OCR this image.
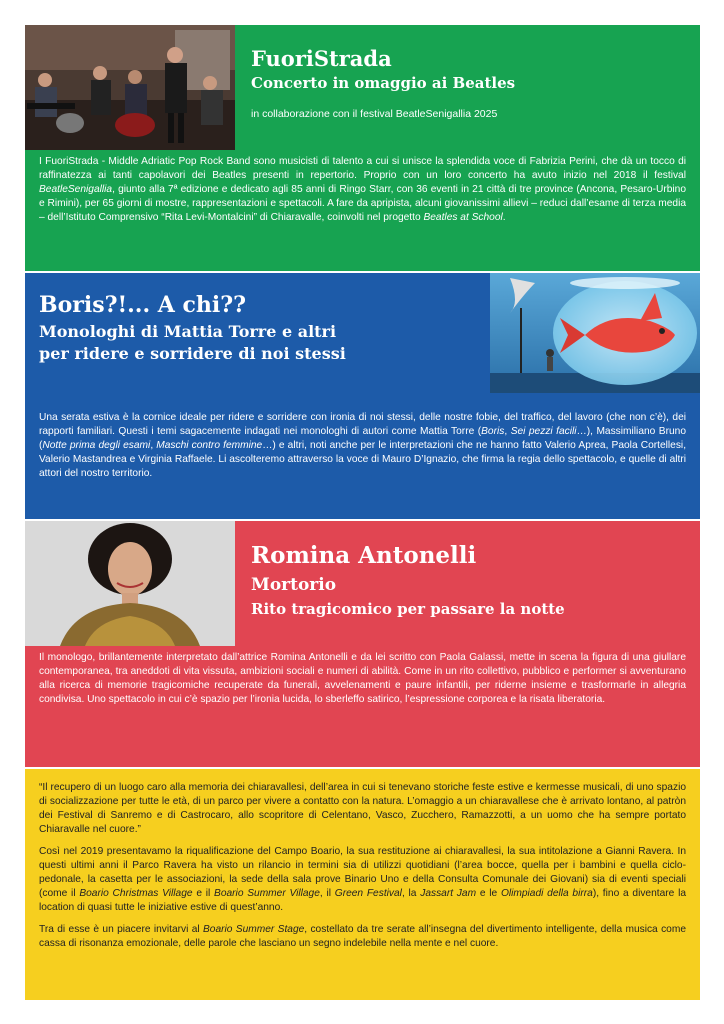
FuoriStrada
Concerto in omaggio ai Beatles
in collaborazione con il festival BeatleSenigallia 2025
I FuoriStrada - Middle Adriatic Pop Rock Band sono musicisti di talento a cui si unisce la splendida voce di Fabrizia Perini, che dà un tocco di raffinatezza ai tanti capolavori dei Beatles presenti in repertorio. Proprio con un loro concerto ha avuto inizio nel 2018 il festival BeatleSenigallia, giunto alla 7ª edizione e dedicato agli 85 anni di Ringo Starr, con 36 eventi in 21 città di tre province (Ancona, Pesaro-Urbino e Rimini), per 65 giorni di mostre, rappresentazioni e spettacoli. A fare da apripista, alcuni giovanissimi allievi – reduci dall’esame di terza media – dell’Istituto Comprensivo “Rita Levi-Montalcini” di Chiaravalle, coinvolti nel progetto Beatles at School.
Boris?!... A chi??
Monologhi di Mattia Torre e altri
per ridere e sorridere di noi stessi
Una serata estiva è la cornice ideale per ridere e sorridere con ironia di noi stessi, delle nostre fobie, del traffico, del lavoro (che non c’è), dei rapporti familiari. Questi i temi sagacemente indagati nei monologhi di autori come Mattia Torre (Boris, Sei pezzi facili…), Massimiliano Bruno (Notte prima degli esami, Maschi contro femmine…) e altri, noti anche per le interpretazioni che ne hanno fatto Valerio Aprea, Paola Cortellesi, Valerio Mastandrea e Virginia Raffaele. Li ascolteremo attraverso la voce di Mauro D’Ignazio, che firma la regia dello spettacolo, e quelle di altri attori del nostro territorio.
Romina Antonelli
Mortorio
Rito tragicomico per passare la notte
Il monologo, brillantemente interpretato dall’attrice Romina Antonelli e da lei scritto con Paola Galassi, mette in scena la figura di una giullare contemporanea, tra aneddoti di vita vissuta, ambizioni sociali e numeri di abilità. Come in un rito collettivo, pubblico e performer si avventurano alla ricerca di memorie tragicomiche recuperate da funerali, avvelenamenti e paure infantili, per riderne insieme e trasformarle in allegria condivisa. Uno spettacolo in cui c’è spazio per l’ironia lucida, lo sberleffo satirico, l’espressione corporea e la risata liberatoria.

“Il recupero di un luogo caro alla memoria dei chiaravallesi, dell’area in cui si tenevano storiche feste estive e kermesse musicali, di uno spazio di socializzazione per tutte le età, di un parco per vivere a contatto con la natura. L’omaggio a un chiaravallese che è arrivato lontano, al patròn dei Festival di Sanremo e di Castrocaro, allo scopritore di Celentano, Vasco, Zucchero, Ramazzotti, a un uomo che ha sempre portato Chiaravalle nel cuore.”

Così nel 2019 presentavamo la riqualificazione del Campo Boario, la sua restituzione ai chiaravallesi, la sua intitolazione a Gianni Ravera. In questi ultimi anni il Parco Ravera ha visto un rilancio in termini sia di utilizzi quotidiani (l’area bocce, quella per i bambini e quella ciclo-pedonale, la casetta per le associazioni, la sede della sala prove Binario Uno e della Consulta Comunale dei Giovani) sia di eventi speciali (come il Boario Christmas Village e il Boario Summer Village, il Green Festival, la Jassart Jam e le Olimpiadi della birra), fino a diventare la location di quasi tutte le iniziative estive di quest’anno.

Tra di esse è un piacere invitarvi al Boario Summer Stage, costellato da tre serate all’insegna del divertimento intelligente, della musica come cassa di risonanza emozionale, delle parole che lasciano un segno indelebile nella mente e nel cuore.
